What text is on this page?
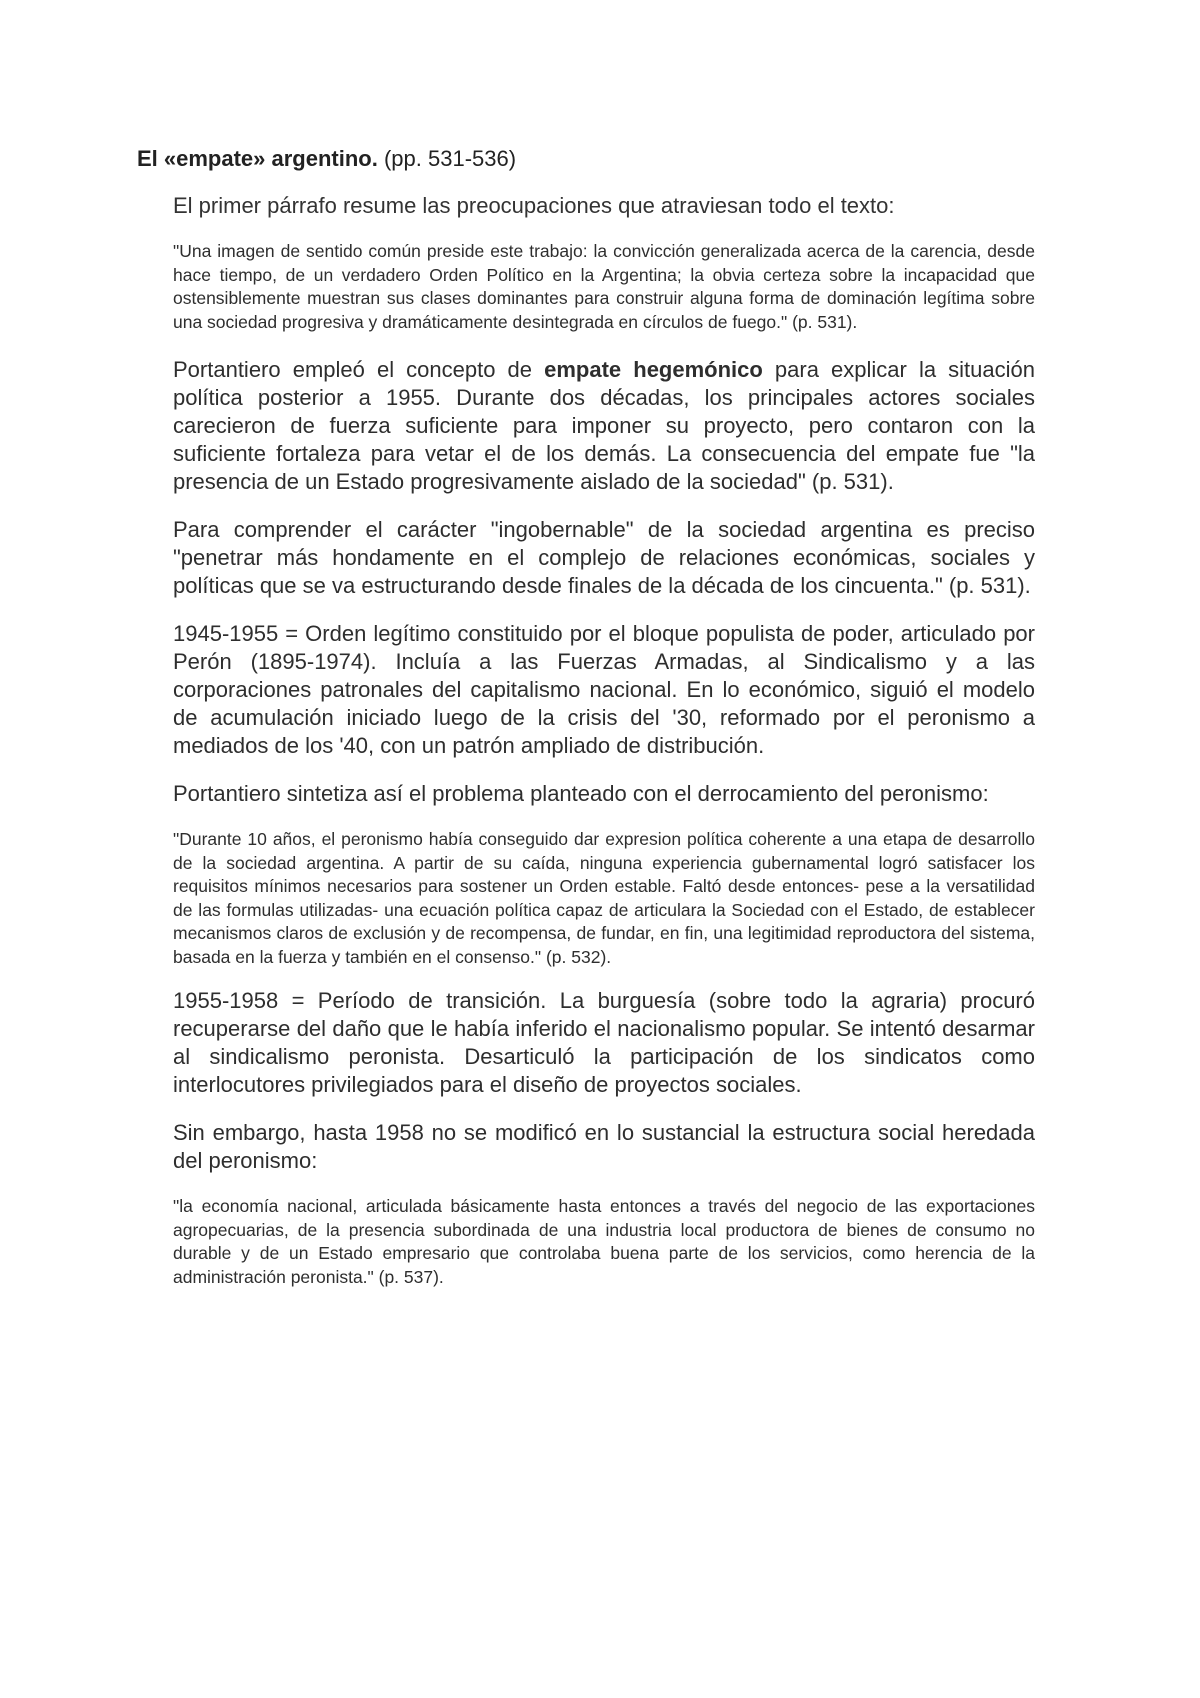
El «empate» argentino. (pp. 531-536)

El primer párrafo resume las preocupaciones que atraviesan todo el texto:

"Una imagen de sentido común preside este trabajo: la convicción generalizada acerca de la carencia, desde hace tiempo, de un verdadero Orden Político en la Argentina; la obvia certeza sobre la incapacidad que ostensiblemente muestran sus clases dominantes para construir alguna forma de dominación legítima sobre una sociedad progresiva y dramáticamente desintegrada en círculos de fuego." (p. 531).

Portantiero empleó el concepto de empate hegemónico para explicar la situación política posterior a 1955. Durante dos décadas, los principales actores sociales carecieron de fuerza suficiente para imponer su proyecto, pero contaron con la suficiente fortaleza para vetar el de los demás. La consecuencia del empate fue "la presencia de un Estado progresivamente aislado de la sociedad" (p. 531).

Para comprender el carácter "ingobernable" de la sociedad argentina es preciso "penetrar más hondamente en el complejo de relaciones económicas, sociales y políticas que se va estructurando desde finales de la década de los cincuenta." (p. 531).

1945-1955 = Orden legítimo constituido por el bloque populista de poder, articulado por Perón (1895-1974). Incluía a las Fuerzas Armadas, al Sindicalismo y a las corporaciones patronales del capitalismo nacional. En lo económico, siguió el modelo de acumulación iniciado luego de la crisis del '30, reformado por el peronismo a mediados de los '40, con un patrón ampliado de distribución.

Portantiero sintetiza así el problema planteado con el derrocamiento del peronismo:

"Durante 10 años, el peronismo había conseguido dar expresion política coherente a una etapa de desarrollo de la sociedad argentina. A partir de su caída, ninguna experiencia gubernamental logró satisfacer los requisitos mínimos necesarios para sostener un Orden estable. Faltó desde entonces- pese a la versatilidad de las formulas utilizadas- una ecuación política capaz de articulara la Sociedad con el Estado, de establecer mecanismos claros de exclusión y de recompensa, de fundar, en fin, una legitimidad reproductora del sistema, basada en la fuerza y también en el consenso." (p. 532).

1955-1958 = Período de transición. La burguesía (sobre todo la agraria) procuró recuperarse del daño que le había inferido el nacionalismo popular. Se intentó desarmar al sindicalismo peronista. Desarticuló la participación de los sindicatos como interlocutores privilegiados para el diseño de proyectos sociales.

Sin embargo, hasta 1958 no se modificó en lo sustancial la estructura social heredada del peronismo:

"la economía nacional, articulada básicamente hasta entonces a través del negocio de las exportaciones agropecuarias, de la presencia subordinada de una industria local productora de bienes de consumo no durable y de un Estado empresario que controlaba buena parte de los servicios, como herencia de la administración peronista." (p. 537).
